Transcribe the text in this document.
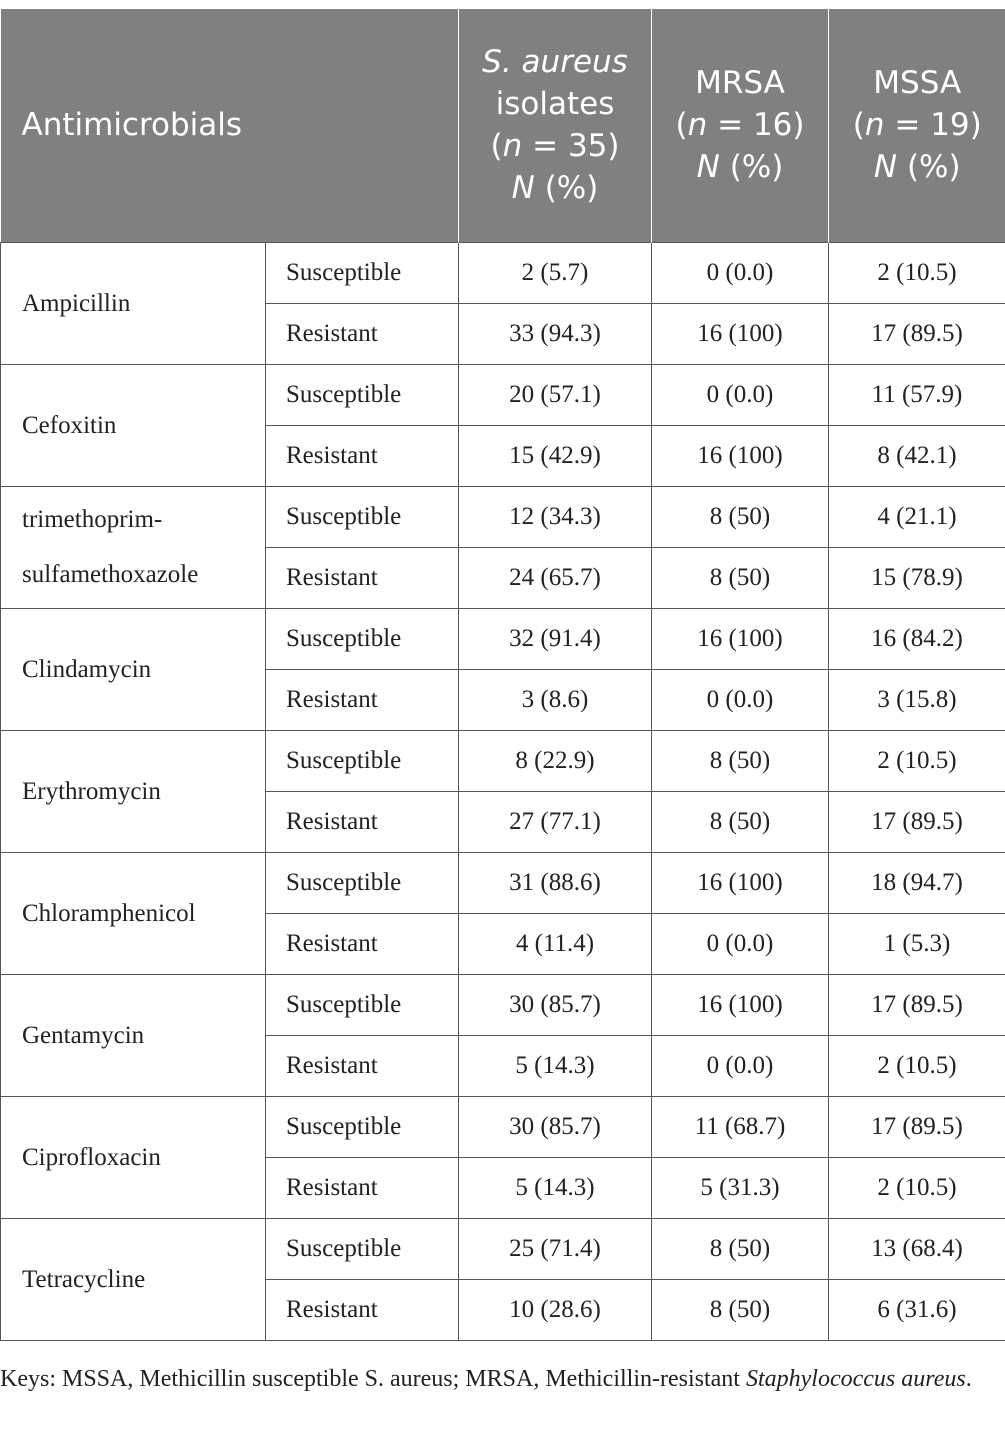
Antimicrobials		S. aureus
isolates
(n = 35)
N (%)	MRSA
(n = 16)
N (%)	MSSA
(n = 19)
N (%)
Ampicillin	Susceptible	2 (5.7)	0 (0.0)	2 (10.5)
	Resistant	33 (94.3)	16 (100)	17 (89.5)
Cefoxitin	Susceptible	20 (57.1)	0 (0.0)	11 (57.9)
	Resistant	15 (42.9)	16 (100)	8 (42.1)
trimethoprim-sulfamethoxazole	Susceptible	12 (34.3)	8 (50)	4 (21.1)
	Resistant	24 (65.7)	8 (50)	15 (78.9)
Clindamycin	Susceptible	32 (91.4)	16 (100)	16 (84.2)
	Resistant	3 (8.6)	0 (0.0)	3 (15.8)
Erythromycin	Susceptible	8 (22.9)	8 (50)	2 (10.5)
	Resistant	27 (77.1)	8 (50)	17 (89.5)
Chloramphenicol	Susceptible	31 (88.6)	16 (100)	18 (94.7)
	Resistant	4 (11.4)	0 (0.0)	1 (5.3)
Gentamycin	Susceptible	30 (85.7)	16 (100)	17 (89.5)
	Resistant	5 (14.3)	0 (0.0)	2 (10.5)
Ciprofloxacin	Susceptible	30 (85.7)	11 (68.7)	17 (89.5)
	Resistant	5 (14.3)	5 (31.3)	2 (10.5)
Tetracycline	Susceptible	25 (71.4)	8 (50)	13 (68.4)
	Resistant	10 (28.6)	8 (50)	6 (31.6)
Keys: MSSA, Methicillin susceptible S. aureus; MRSA, Methicillin-resistant Staphylococcus aureus.
